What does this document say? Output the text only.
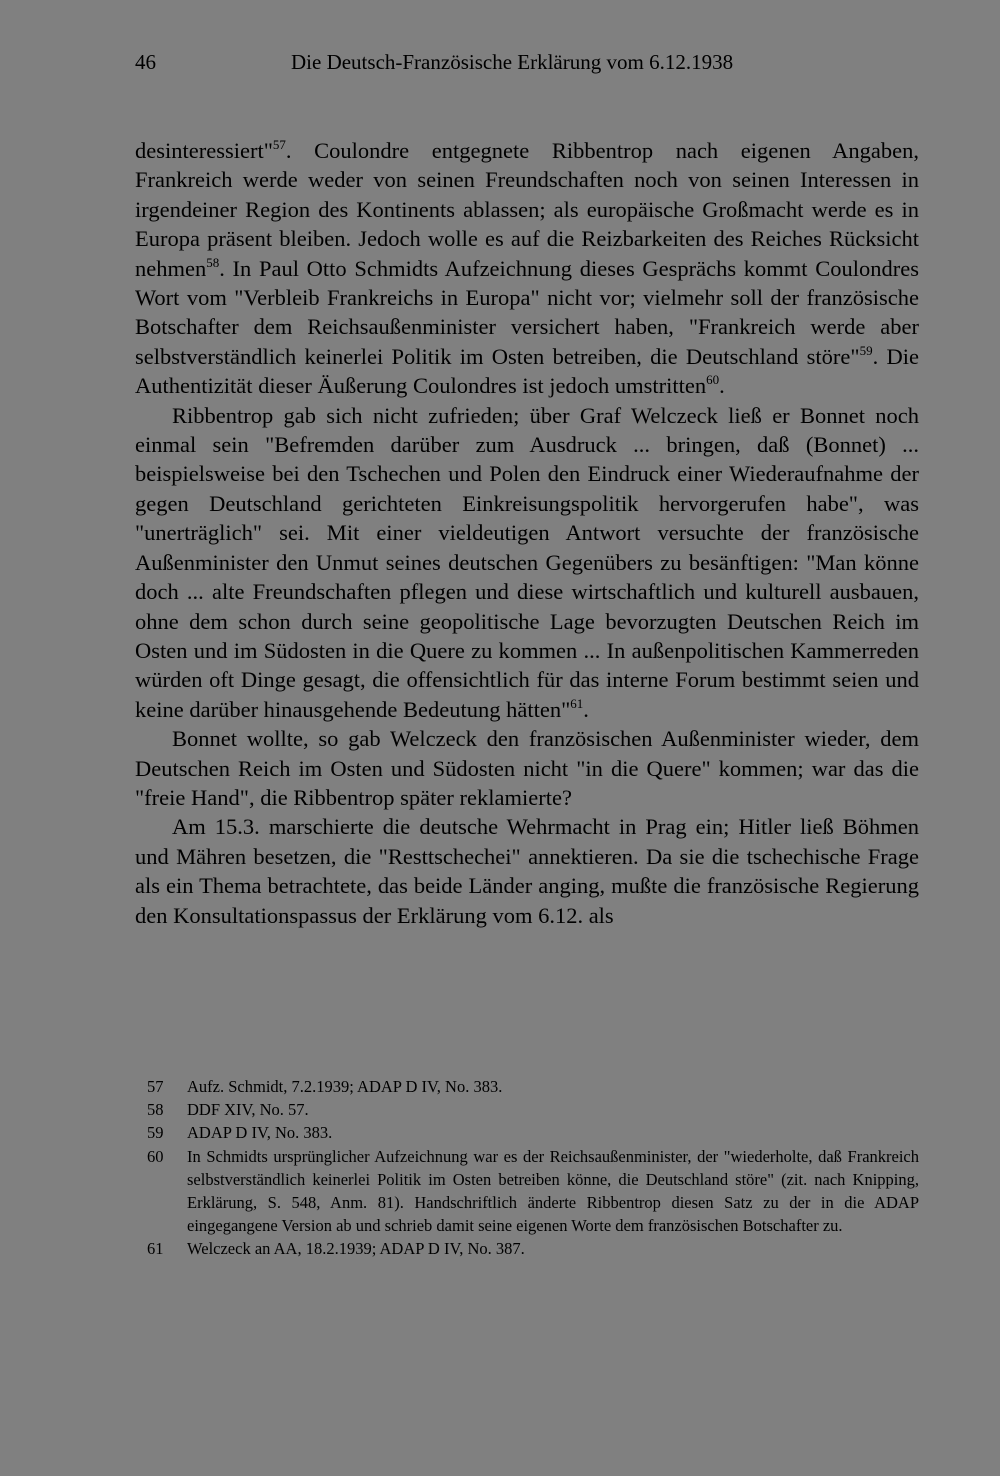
46	Die Deutsch-Französische Erklärung vom 6.12.1938

desinteressiert"$^{57}$. Coulondre entgegnete Ribbentrop nach eigenen Angaben, Frankreich werde weder von seinen Freundschaften noch von seinen Interessen in irgendeiner Region des Kontinents ablassen; als europäische Großmacht werde es in Europa präsent bleiben. Jedoch wolle es auf die Reizbarkeiten des Reiches Rücksicht nehmen$^{58}$. In Paul Otto Schmidts Aufzeichnung dieses Gesprächs kommt Coulondres Wort vom "Verbleib Frankreichs in Europa" nicht vor; vielmehr soll der französische Botschafter dem Reichsaußenminister versichert haben, "Frankreich werde aber selbstverständlich keinerlei Politik im Osten betreiben, die Deutschland störe"$^{59}$. Die Authentizität dieser Äußerung Coulondres ist jedoch umstritten$^{60}$.

Ribbentrop gab sich nicht zufrieden; über Graf Welczeck ließ er Bonnet noch einmal sein "Befremden darüber zum Ausdruck ... bringen, daß (Bonnet) ... beispielsweise bei den Tschechen und Polen den Eindruck einer Wiederaufnahme der gegen Deutschland gerichteten Einkreisungspolitik hervorgerufen habe", was "unerträglich" sei. Mit einer vieldeutigen Antwort versuchte der französische Außenminister den Unmut seines deutschen Gegenübers zu besänftigen: "Man könne doch ... alte Freundschaften pflegen und diese wirtschaftlich und kulturell ausbauen, ohne dem schon durch seine geopolitische Lage bevorzugten Deutschen Reich im Osten und im Südosten in die Quere zu kommen ... In außenpolitischen Kammerreden würden oft Dinge gesagt, die offensichtlich für das interne Forum bestimmt seien und keine darüber hinausgehende Bedeutung hätten"$^{61}$.

Bonnet wollte, so gab Welczeck den französischen Außenminister wieder, dem Deutschen Reich im Osten und Südosten nicht "in die Quere" kommen; war das die "freie Hand", die Ribbentrop später reklamierte?

Am 15.3. marschierte die deutsche Wehrmacht in Prag ein; Hitler ließ Böhmen und Mähren besetzen, die "Resttschechei" annektieren. Da sie die tschechische Frage als ein Thema betrachtete, das beide Länder anging, mußte die französische Regierung den Konsultationspassus der Erklärung vom 6.12. als

57	Aufz. Schmidt, 7.2.1939; ADAP D IV, No. 383.
58	DDF XIV, No. 57.
59	ADAP D IV, No. 383.
60	In Schmidts ursprünglicher Aufzeichnung war es der Reichsaußenminister, der "wiederholte, daß Frankreich selbstverständlich keinerlei Politik im Osten betreiben könne, die Deutschland störe" (zit. nach Knipping, Erklärung, S. 548, Anm. 81). Handschriftlich änderte Ribbentrop diesen Satz zu der in die ADAP eingegangene Version ab und schrieb damit seine eigenen Worte dem französischen Botschafter zu.
61	Welczeck an AA, 18.2.1939; ADAP D IV, No. 387.
